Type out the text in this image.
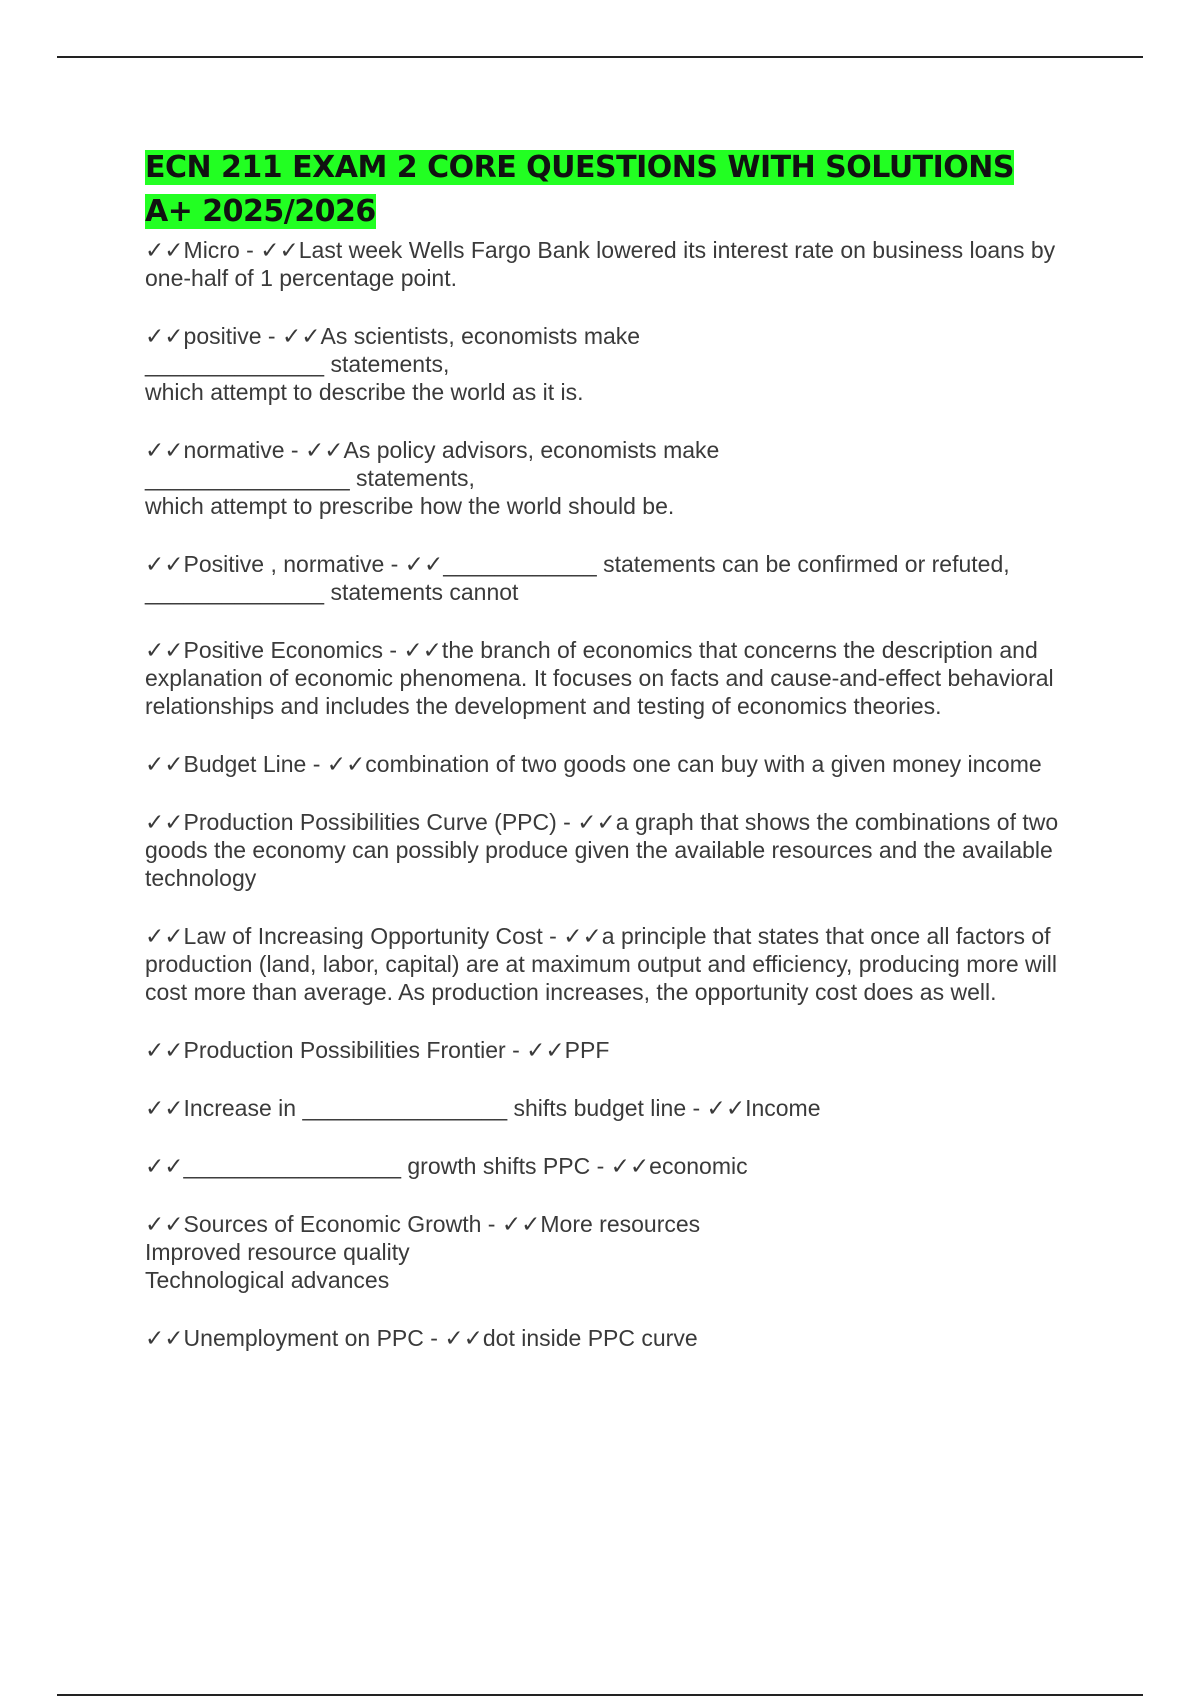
ECN 211 EXAM 2 CORE QUESTIONS WITH SOLUTIONS A+ 2025/2026

✓✓Micro - ✓✓Last week Wells Fargo Bank lowered its interest rate on business loans by one-half of 1 percentage point.

✓✓positive - ✓✓As scientists, economists make
______________ statements,
which attempt to describe the world as it is.

✓✓normative - ✓✓As policy advisors, economists make
________________ statements,
which attempt to prescribe how the world should be.

✓✓Positive , normative - ✓✓____________ statements can be confirmed or refuted,
______________ statements cannot

✓✓Positive Economics - ✓✓the branch of economics that concerns the description and explanation of economic phenomena. It focuses on facts and cause-and-effect behavioral relationships and includes the development and testing of economics theories.

✓✓Budget Line - ✓✓combination of two goods one can buy with a given money income

✓✓Production Possibilities Curve (PPC) - ✓✓a graph that shows the combinations of two goods the economy can possibly produce given the available resources and the available technology

✓✓Law of Increasing Opportunity Cost - ✓✓a principle that states that once all factors of production (land, labor, capital) are at maximum output and efficiency, producing more will cost more than average. As production increases, the opportunity cost does as well.

✓✓Production Possibilities Frontier - ✓✓PPF

✓✓Increase in ________________ shifts budget line - ✓✓Income

✓✓_________________ growth shifts PPC - ✓✓economic

✓✓Sources of Economic Growth - ✓✓More resources
Improved resource quality
Technological advances

✓✓Unemployment on PPC - ✓✓dot inside PPC curve
